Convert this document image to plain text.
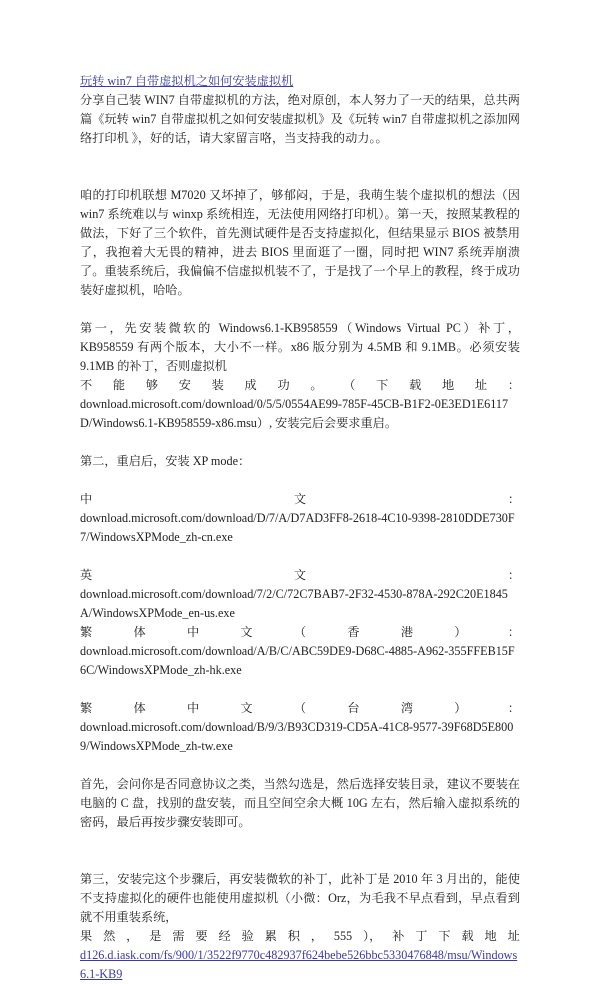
玩转 win7 自带虚拟机之如何安装虚拟机

分享自己装 WIN7 自带虚拟机的方法，绝对原创，本人努力了一天的结果，总共两篇《玩转 win7 自带虚拟机之如何安装虚拟机》及《玩转 win7 自带虚拟机之添加网络打印机 》，好的话，请大家留言咯，当支持我的动力。。

咱的打印机联想 M7020 又坏掉了，够郁闷，于是，我萌生装个虚拟机的想法（因 win7 系统难以与 winxp 系统相连，无法使用网络打印机）。第一天，按照某教程的做法，下好了三个软件，首先测试硬件是否支持虚拟化，但结果显示 BIOS 被禁用了，我抱着大无畏的精神，进去 BIOS 里面逛了一圈，同时把 WIN7 系统弄崩溃了。重装系统后，我偏偏不信虚拟机装不了，于是找了一个早上的教程，终于成功装好虚拟机，哈哈。

第一，先安装微软的 Windows6.1-KB958559（Windows Virtual PC）补丁，KB958559 有两个版本，大小不一样。x86 版分别为 4.5MB 和 9.1MB。必须安装 9.1MB 的补丁，否则虚拟机

不 能 够 安 装 成 功 。 （ 下 载 地 址 ：

download.microsoft.com/download/0/5/5/0554AE99-785F-45CB-B1F2-0E3ED1E6117D/Windows6.1-KB958559-x86.msu）, 安装完后会要求重启。

第二，重启后，安装 XP mode：

中	文	：

download.microsoft.com/download/D/7/A/D7AD3FF8-2618-4C10-9398-2810DDE730F7/WindowsXPMode_zh-cn.exe

英	文	：

download.microsoft.com/download/7/2/C/72C7BAB7-2F32-4530-878A-292C20E1845A/WindowsXPMode_en-us.exe

繁	体	中	文	（	香	港	）	：

download.microsoft.com/download/A/B/C/ABC59DE9-D68C-4885-A962-355FFEB15F6C/WindowsXPMode_zh-hk.exe

繁	体	中	文	（	台	湾	）	：

download.microsoft.com/download/B/9/3/B93CD319-CD5A-41C8-9577-39F68D5E8009/WindowsXPMode_zh-tw.exe

首先，会问你是否同意协议之类，当然勾选是，然后选择安装目录，建议不要装在电脑的 C 盘，找别的盘安装，而且空间空余大概 10G 左右，然后输入虚拟系统的密码，最后再按步骤安装即可。

第三，安装完这个步骤后，再安装微软的补丁，此补丁是 2010 年 3 月出的，能使不支持虚拟化的硬件也能使用虚拟机（小微：Orz，为毛我不早点看到，早点看到就不用重装系统，

果 然 ， 是 需 要 经 验 累 积 ， 555 ）， 补 丁 下 载 地 址
d126.d.iask.com/fs/900/1/3522f9770c482937f624bebe526bbc5330476848/msu/Windows6.1-KB9
